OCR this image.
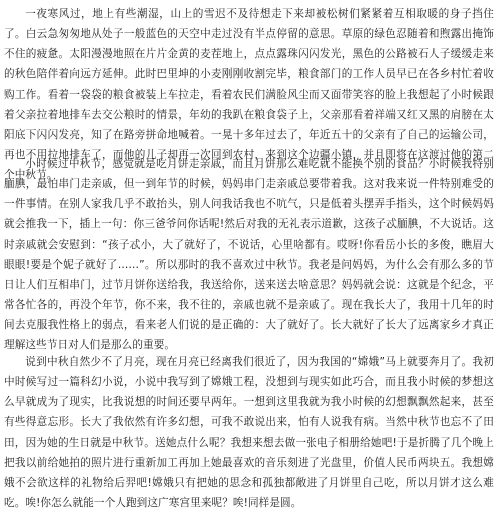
一夜寒风过，地上有些潮湿，山上的雪迟不及待想走下来却被松树们紧紧着互相取暖的身子挡住了。白云急匆匆地从处子一般蓝色的天空中走过没有半点停留的意思。草原的绿色忍随着和煦露出掩饰不住的疲惫。太阳漫漫地照在片片金黄的麦茬地上，点点露珠闪闪发光，黑色的公路被石人子缓缓走来的秋色陪伴着向远方延伸。此时巴里坤的小麦刚刚收割完毕，粮食部门的工作人员早已在各乡村忙着收购工作。看着一袋袋的粮食被装上车拉走，看着农民们满脸风尘而又面带笑容的脸上我想起了小时候跟着父亲拉着地排车去交公粮时的情景，年幼的我趴在粮食袋子上，父亲那看着祥端又红又黑的肩膀在太阳底下闪闪发亮，知了在路旁拼命地喊着。一晃十多年过去了，年近五十的父亲有了自己的运输公司，再也不用拉地排车了，而他的儿子却再一次回到农村，来到这个边疆小镇，并且即将在这渡过他的第二个中秋节。

小时候过中秋节，感觉就是吃月饼走亲戚，而且月饼那么难吃就不能换个别的食品？小时候我特别腼腆，最怕串门走亲戚，但一到年节的时候，妈妈串门走亲戚总要带着我。这对我来说一件特别难受的一件事情。在别人家我几乎不敢抬头，别人问我话我也不吭气，只是低着头摆弄手指头，这个时候妈妈就会推我一下，插上一句：你三爸爷问你话呢!然后对我的无礼表示道歉，这孩子忒腼腆，不大说话。这时亲戚就会安慰到：“孩子忒小，大了就好了，不说话，心里啥都有。哎呀!你看岳小长的多俊，瞧眉大眼眼!要是个妮子就好了……”。所以那时的我不喜欢过中秋节。我老是问妈妈，为什么会有那么多的节日让人们互相串门，过节月饼你送给我，我送给你，送来送去啥意思？妈妈就会说：这就是个纪念，平常各忙各的，再没个年节，你不来，我不往的，亲戚也就不是亲戚了。现在我长大了，我用十几年的时间去克服我性格上的弱点，看来老人们说的是正确的：大了就好了。长大就好了长大了远离家乡才真正理解这些节日对人们是那么的重要。

说到中秋自然少不了月亮，现在月亮已经离我们很近了，因为我国的“嫦娥”马上就要奔月了。我初中时候写过一篇科幻小说，小说中我写到了嫦娥工程，没想到与现实如此巧合，而且我小时候的梦想这么早就成为了现实，比我说想的时间还要早两年。一想到这里我就为我小时候的幻想飘飘然起来，甚至有些得意忘形。长大了我依然有许多幻想，可我不敢说出来，怕有人说我有病。当然中秋节也忘不了田田，因为她的生日就是中秋节。送她点什么呢？我想来想去做一张电子相册给她吧!于是折腾了几个晚上把我以前给她拍的照片进行重新加工再加上她最喜欢的音乐刻进了光盘里，价值人民币两块五。我想嫦娥不会欲这样的礼物给后羿吧!嫦娥只有把她的思念和孤独都敞进了月饼里自己吃，所以月饼才这么难吃。唉!你怎么就能一个人跑到这广寒宫里来呢？唉!同样是圆。
